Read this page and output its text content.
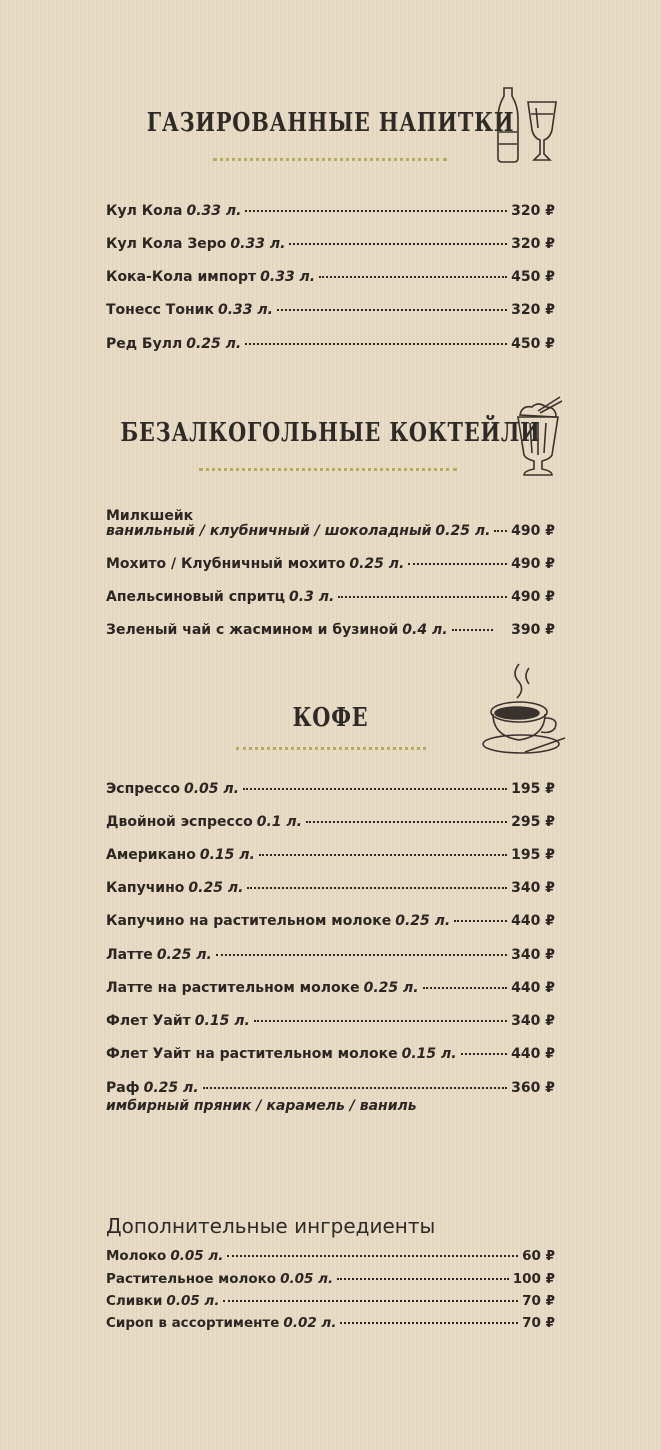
ГАЗИРОВАННЫЕ НАПИТКИ
Кул Кола 0.33 л.	320 ₽
Кул Кола Зеро 0.33 л.	320 ₽
Кока-Кола импорт 0.33 л.	450 ₽
Тонесс Тоник 0.33 л.	320 ₽
Ред Булл 0.25 л.	450 ₽
БЕЗАЛКОГОЛЬНЫЕ КОКТЕЙЛИ
Милкшейк
ванильный / клубничный / шоколадный 0.25 л. 490 ₽
Мохито / Клубничный мохито 0.25 л.	490 ₽
Апельсиновый спритц 0.3 л.	490 ₽
Зеленый чай с жасмином и бузиной 0.4 л.	390 ₽
КОФЕ
Эспрессо 0.05 л.	195 ₽
Двойной эспрессо 0.1 л.	295 ₽
Американо 0.15 л.	195 ₽
Капучино 0.25 л.	340 ₽
Капучино на растительном молоке 0.25 л.	440 ₽
Латте 0.25 л.	340 ₽
Латте на растительном молоке 0.25 л.	440 ₽
Флет Уайт 0.15 л.	340 ₽
Флет Уайт на растительном молоке 0.15 л.	440 ₽
Раф 0.25 л.	360 ₽
имбирный пряник / карамель / ваниль
Дополнительные ингредиенты
Молоко 0.05 л.	60 ₽
Растительное молоко 0.05 л.	100 ₽
Сливки 0.05 л.	70 ₽
Сироп в ассортименте 0.02 л.	70 ₽
